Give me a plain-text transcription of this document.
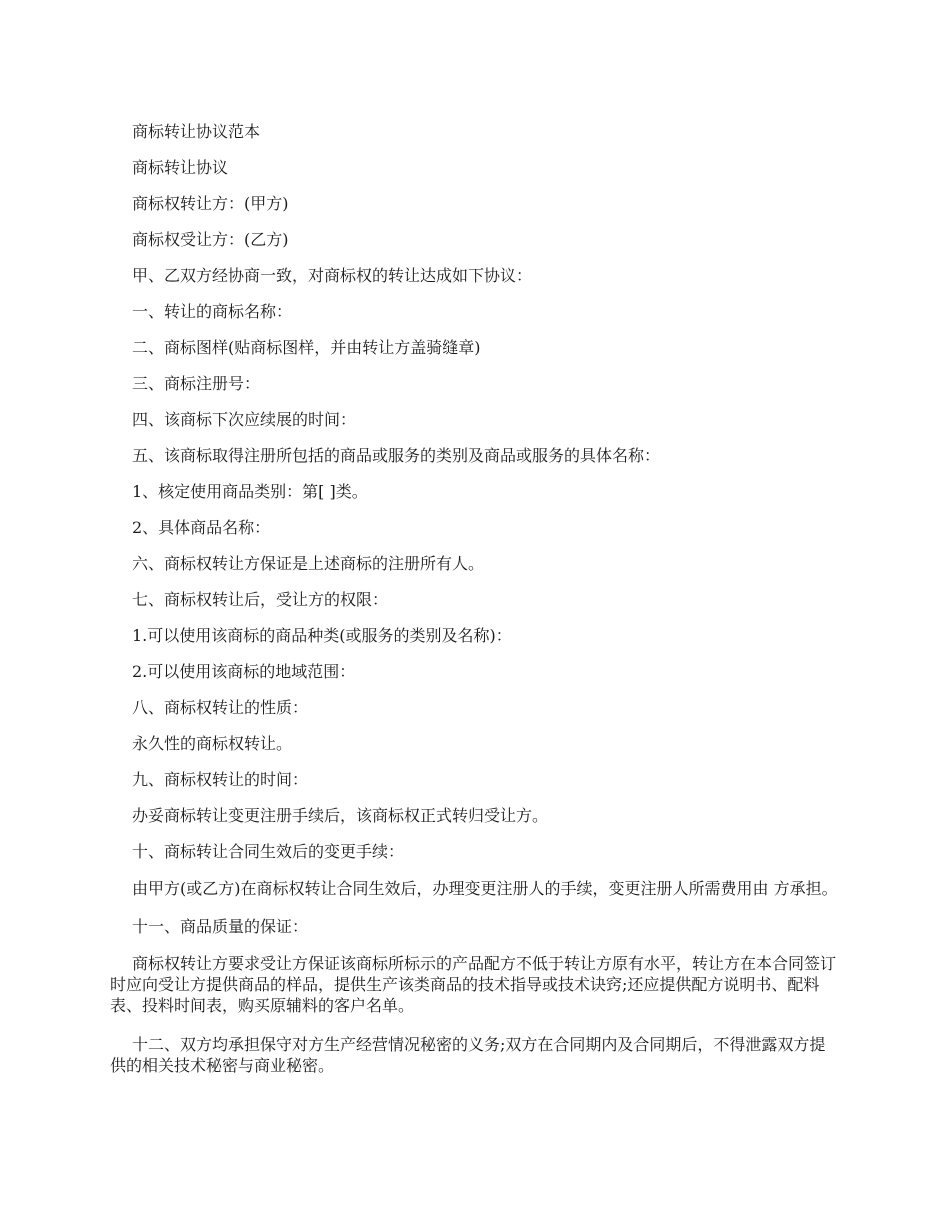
商标转让协议范本

商标转让协议

商标权转让方：(甲方)

商标权受让方：(乙方)

甲、乙双方经协商一致，对商标权的转让达成如下协议：

一、转让的商标名称：

二、商标图样(贴商标图样，并由转让方盖骑缝章)

三、商标注册号：

四、该商标下次应续展的时间：

五、该商标取得注册所包括的商品或服务的类别及商品或服务的具体名称：

1、核定使用商品类别：第[ ]类。

2、具体商品名称：

六、商标权转让方保证是上述商标的注册所有人。

七、商标权转让后，受让方的权限：

1.可以使用该商标的商品种类(或服务的类别及名称)：

2.可以使用该商标的地域范围：

八、商标权转让的性质：

永久性的商标权转让。

九、商标权转让的时间：

办妥商标转让变更注册手续后，该商标权正式转归受让方。

十、商标转让合同生效后的变更手续：

由甲方(或乙方)在商标权转让合同生效后，办理变更注册人的手续，变更注册人所需费用由 方承担。

十一、商品质量的保证：

商标权转让方要求受让方保证该商标所标示的产品配方不低于转让方原有水平，转让方在本合同签订时应向受让方提供商品的样品，提供生产该类商品的技术指导或技术诀窍;还应提供配方说明书、配料表、投料时间表，购买原辅料的客户名单。

十二、双方均承担保守对方生产经营情况秘密的义务;双方在合同期内及合同期后，不得泄露双方提供的相关技术秘密与商业秘密。
